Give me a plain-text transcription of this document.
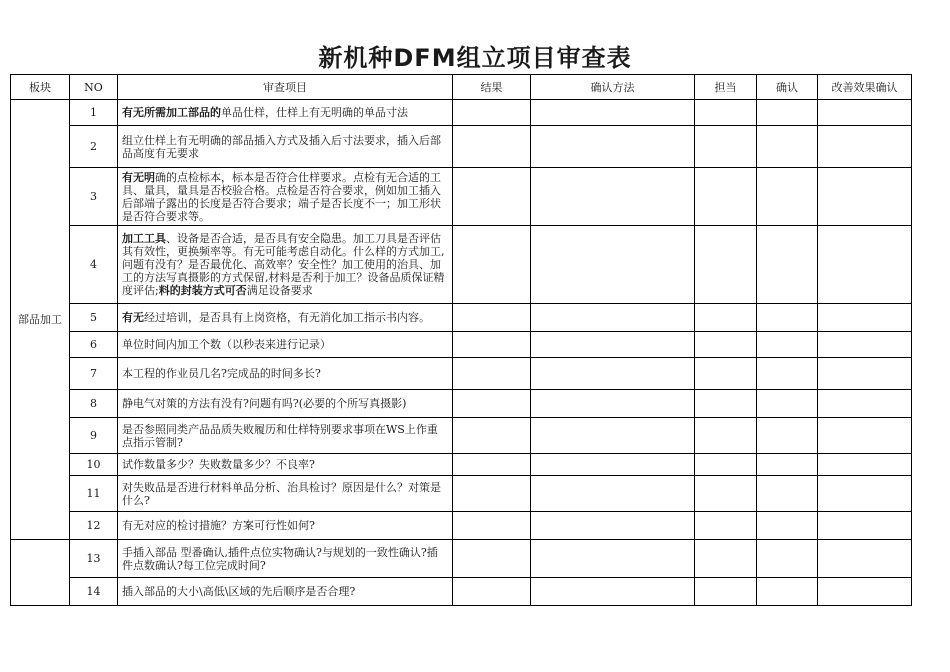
新机种DFM组立项目审查表
板块	NO	审查项目	结果	确认方法	担当	确认	改善效果确认
部品加工	1	有无所需加工部品的单品仕样，仕样上有无明确的单品寸法					

	2	组立仕样上有无明确的部品插入方式及插入后寸法要求，插入后部品高度有无要求					

	3	有无明确的点检标本，标本是否符合仕样要求。点检有无合适的工具、量具，量具是否校验合格。点检是否符合要求，例如加工插入后部端子露出的长度是否符合要求；端子是否长度不一；加工形状是否符合要求等。					

	4	加工工具、设备是否合适，是否具有安全隐患。加工刀具是否评估其有效性，更换频率等。有无可能考虑自动化。什么样的方式加工,问题有没有？是否最优化、高效率？安全性？加工使用的治具、加工的方法写真摄影的方式保留,材料是否利于加工？设备品质保证精度评估;料的封装方式可否满足设备要求					

	5	有无经过培训，是否具有上岗资格，有无消化加工指示书内容。					

	6	单位时间内加工个数（以秒表来进行记录）					

	7	本工程的作业员几名?完成品的时间多长?					

	8	静电气对策的方法有没有?问题有吗?(必要的个所写真摄影)					

	9	是否参照同类产品品质失败履历和仕样特别要求事项在WS上作重点指示管制?					

	10	试作数量多少？失败数量多少？不良率?					

	11	对失败品是否进行材料单品分析、治具检讨？原因是什么？对策是什么?					

	12	有无对应的检讨措施？方案可行性如何?					

	13	手插入部品 型番确认,插件点位实物确认?与规划的一致性确认?插件点数确认?每工位完成时间?					

	14	插入部品的大小\高低\区域的先后顺序是否合理?					
